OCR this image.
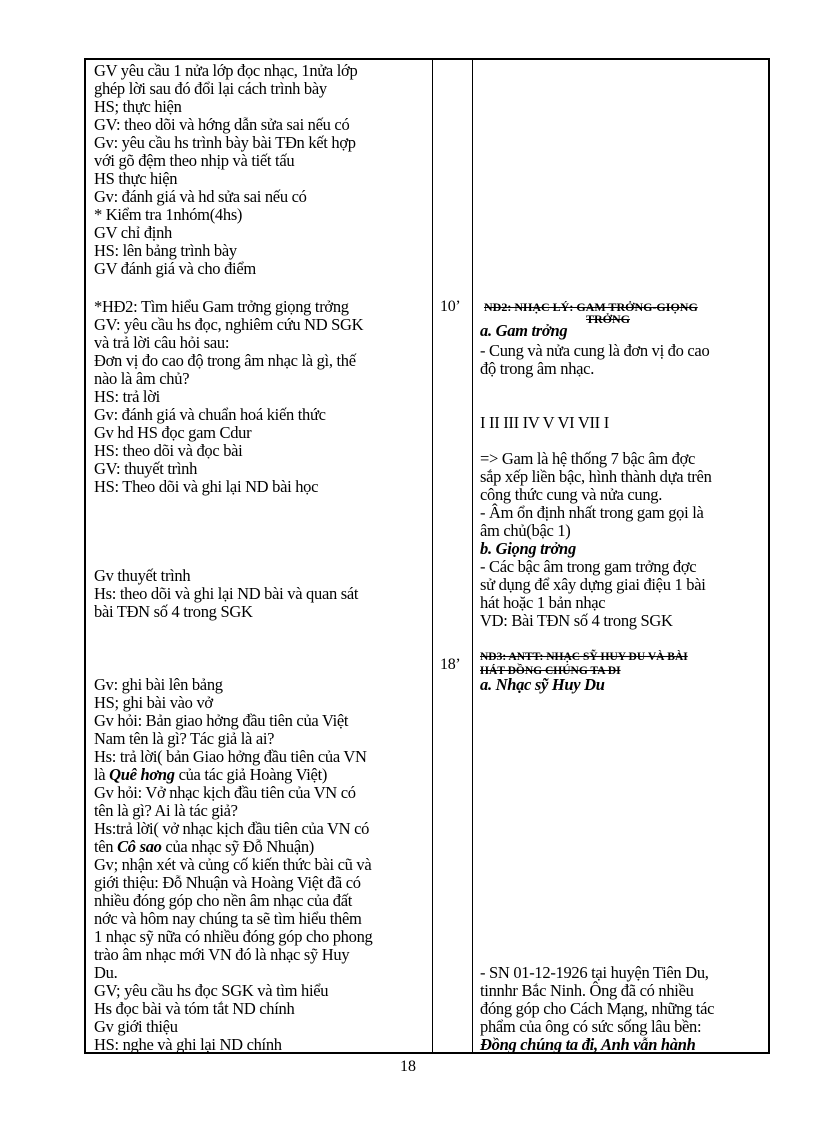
GV yêu cầu 1 nửa lớp đọc nhạc, 1nửa lớp
ghép lời sau đó đổi lại cách trình bày
HS; thực hiện
GV: theo dõi và hớng dẫn sửa sai nếu có
Gv: yêu cầu hs trình bày bài TĐn kết hợp
với gõ đệm theo nhịp và tiết tấu
HS thực hiện
Gv: đánh giá và hd sửa sai nếu có
* Kiểm tra 1nhóm(4hs)
GV chỉ định
HS: lên bảng trình bày
GV đánh giá và cho điểm
*HĐ2: Tìm hiểu Gam trởng giọng trởng
GV: yêu cầu hs đọc, nghiêm cứu ND SGK
và trả lời câu hỏi sau:
Đơn vị đo cao độ trong âm nhạc là gì, thế
nào là âm chủ?
HS: trả lời
Gv: đánh giá và chuẩn hoá kiến thức
Gv hd HS đọc gam Cdur
HS: theo dõi và đọc bài
GV: thuyết trình
HS: Theo dõi và ghi lại ND bài học
Gv thuyết trình
Hs: theo dõi và ghi lại ND bài và quan sát
bài TĐN số 4 trong SGK
Gv: ghi bài lên bảng
HS; ghi bài vào vở
Gv hỏi: Bản giao hởng đầu tiên của Việt
Nam tên là gì? Tác giả là ai?
Hs: trả lời( bản Giao hởng đầu tiên của VN
là Quê hơng của tác giả Hoàng Việt)
Gv hỏi: Vở nhạc kịch đầu tiên của VN có
tên là gì? Ai là tác giả?
Hs:trả lời( vở nhạc kịch đầu tiên của VN có
tên Cô sao của nhạc sỹ Đỗ Nhuận)
Gv; nhận xét và củng cố kiến thức bài cũ và
giới thiệu: Đỗ Nhuận và Hoàng Việt đã có
nhiều đóng góp cho nền âm nhạc của đất
nớc và hôm nay chúng ta sẽ tìm hiểu thêm
1 nhạc sỹ nữa có nhiều đóng góp cho phong
trào âm nhạc mới VN đó là nhạc sỹ Huy
Du.
GV; yêu cầu hs đọc SGK và tìm hiểu
Hs đọc bài và tóm tắt ND chính
Gv giới thiệu
HS: nghe và ghi lại ND chính
10’
18’
ND2: NHẠC LÝ: GAM TRỞNG-GIỌNG
TRỞNG
a. Gam trởng
- Cung và nửa cung là đơn vị đo cao
độ trong âm nhạc.
I II III IV V VI VII I
=> Gam là hệ thống 7 bậc âm đợc
sắp xếp liền bậc, hình thành dựa trên
công thức cung và nửa cung.
- Âm ổn định nhất trong gam gọi là
âm chủ(bậc 1)
b. Giọng trởng
- Các bậc âm trong gam trởng đợc
sử dụng để xây dựng giai điệu 1 bài
hát hoặc 1 bản nhạc
VD: Bài TĐN số 4 trong SGK
ND3: ANTT: NHẠC SỸ HUY DU VÀ BÀI
HÁT ĐỒNG CHÚNG TA ĐI
a. Nhạc sỹ Huy Du
- SN 01-12-1926 tại huyện Tiên Du,
tinnhr Bắc Ninh. Ông đã có nhiều
đóng góp cho Cách Mạng, những tác
phẩm của ông có sức sống lâu bền:
Đồng chúng ta đi, Anh vẫn hành
18
